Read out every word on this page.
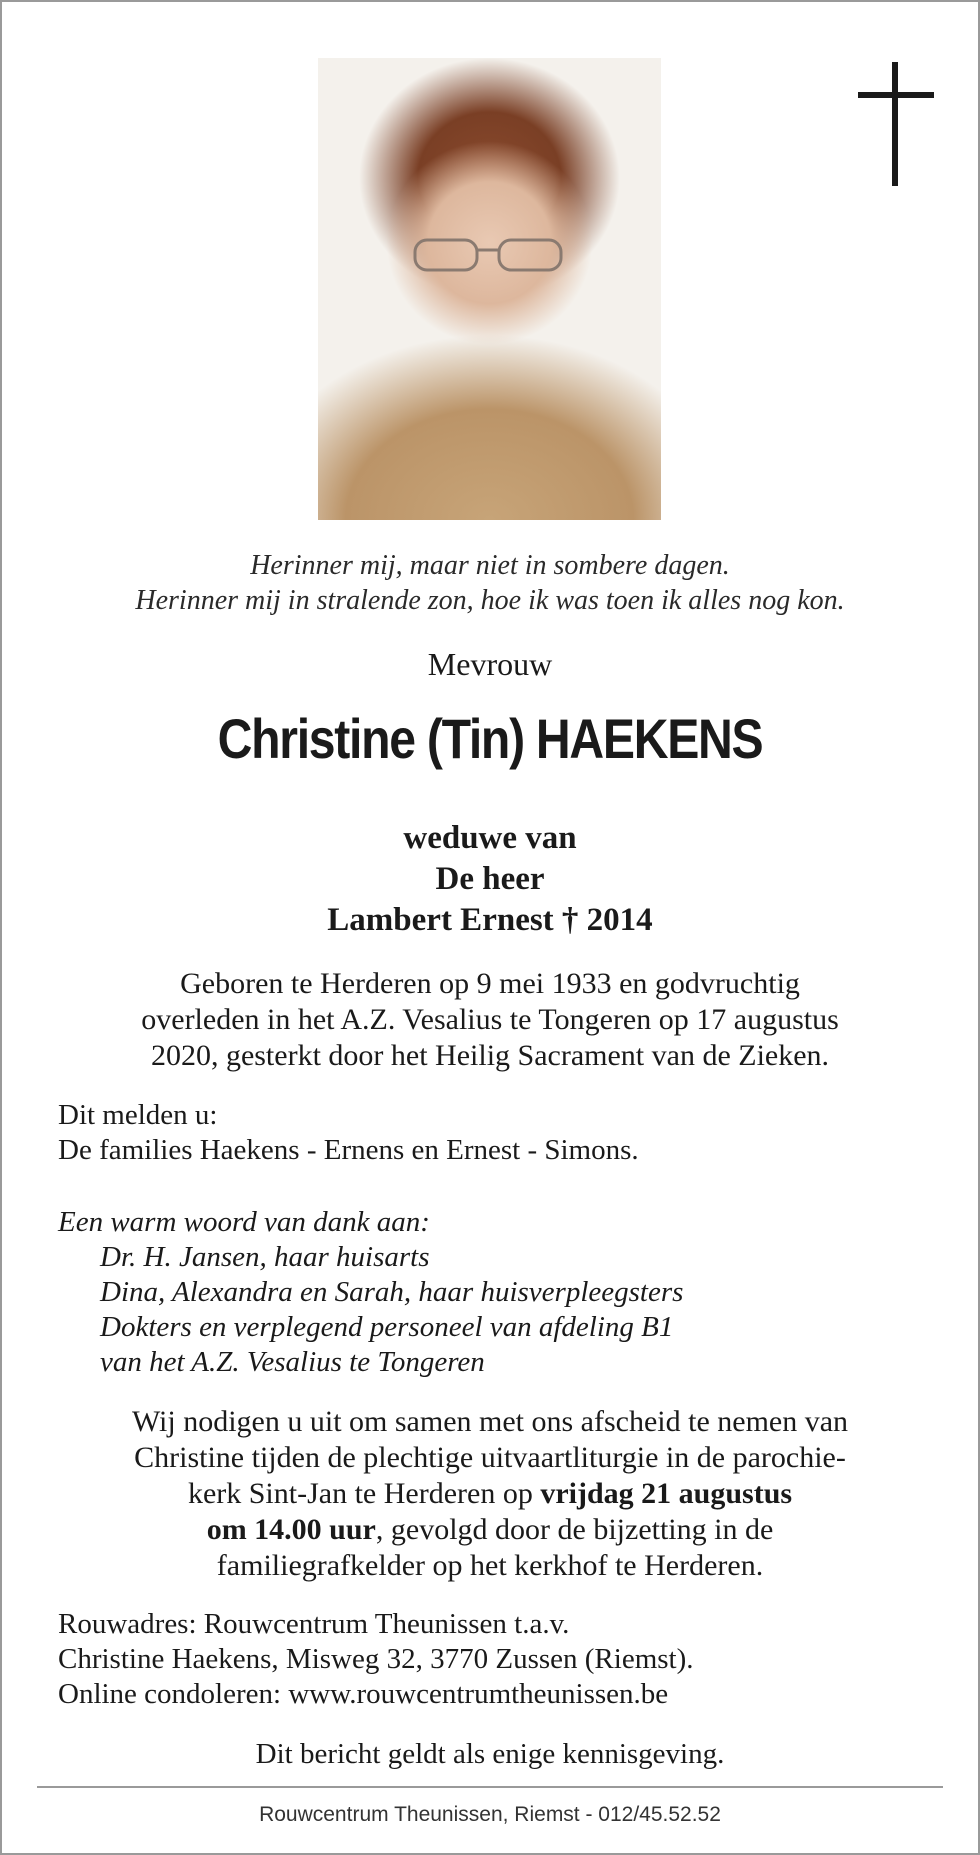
Herinner mij, maar niet in sombere dagen.
Herinner mij in stralende zon, hoe ik was toen ik alles nog kon.
Mevrouw
Christine (Tin) HAEKENS
weduwe van
De heer
Lambert Ernest † 2014
Geboren te Herderen op 9 mei 1933 en godvruchtig
overleden in het A.Z. Vesalius te Tongeren op 17 augustus
2020, gesterkt door het Heilig Sacrament van de Zieken.
Dit melden u:
De families Haekens - Ernens en Ernest - Simons.
Een warm woord van dank aan:
Dr. H. Jansen, haar huisarts
Dina, Alexandra en Sarah, haar huisverpleegsters
Dokters en verplegend personeel van afdeling B1
van het A.Z. Vesalius te Tongeren
Wij nodigen u uit om samen met ons afscheid te nemen van
Christine tijden de plechtige uitvaartliturgie in de parochie-
kerk Sint-Jan te Herderen op vrijdag 21 augustus
om 14.00 uur, gevolgd door de bijzetting in de
familiegrafkelder op het kerkhof te Herderen.
Rouwadres: Rouwcentrum Theunissen t.a.v.
Christine Haekens, Misweg 32, 3770 Zussen (Riemst).
Online condoleren: www.rouwcentrumtheunissen.be
Dit bericht geldt als enige kennisgeving.
Rouwcentrum Theunissen, Riemst - 012/45.52.52
